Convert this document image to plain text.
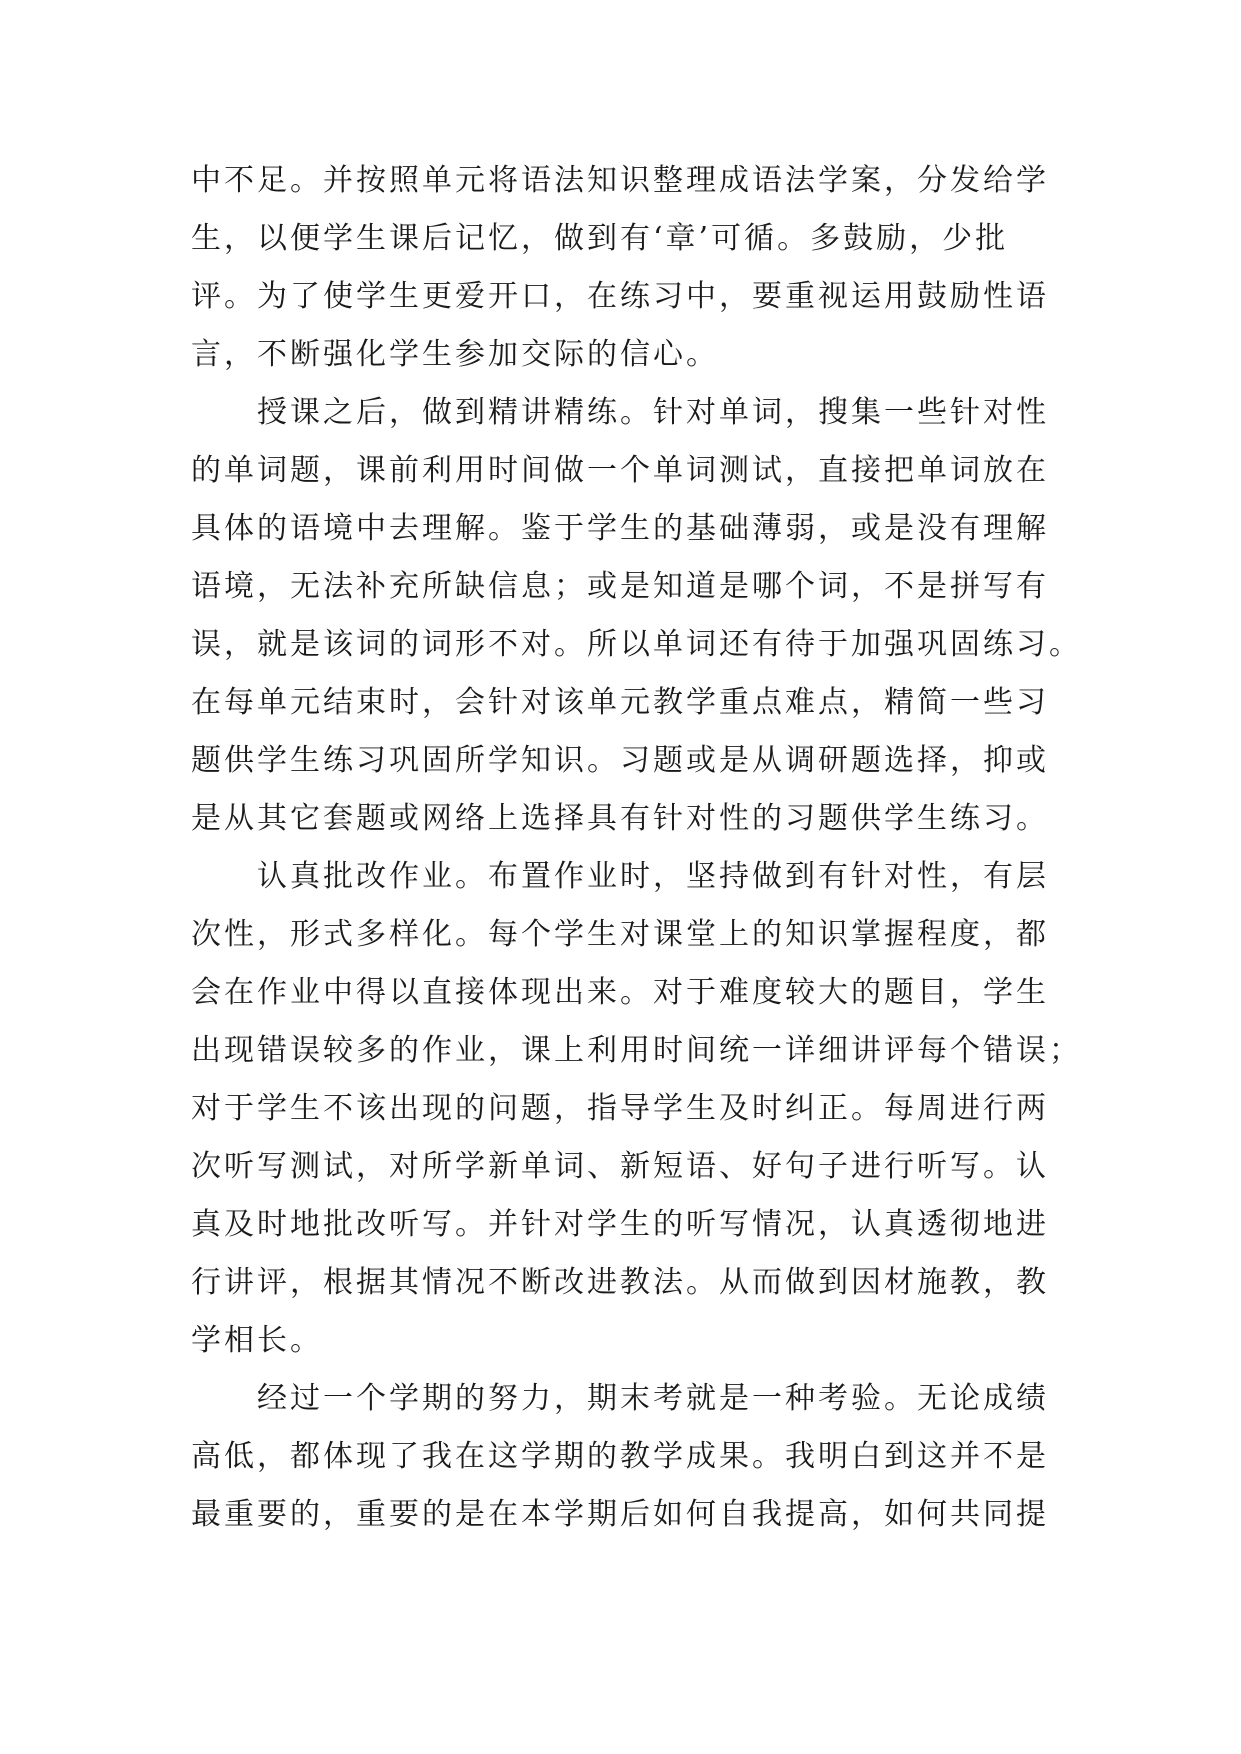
中不足。并按照单元将语法知识整理成语法学案，分发给学
生，以便学生课后记忆，做到有‘章’可循。多鼓励，少批
评。为了使学生更爱开口，在练习中，要重视运用鼓励性语
言，不断强化学生参加交际的信心。
授课之后，做到精讲精练。针对单词，搜集一些针对性
的单词题，课前利用时间做一个单词测试，直接把单词放在
具体的语境中去理解。鉴于学生的基础薄弱，或是没有理解
语境，无法补充所缺信息；或是知道是哪个词，不是拼写有
误，就是该词的词形不对。所以单词还有待于加强巩固练习。
在每单元结束时，会针对该单元教学重点难点，精简一些习
题供学生练习巩固所学知识。习题或是从调研题选择，抑或
是从其它套题或网络上选择具有针对性的习题供学生练习。
认真批改作业。布置作业时，坚持做到有针对性，有层
次性，形式多样化。每个学生对课堂上的知识掌握程度，都
会在作业中得以直接体现出来。对于难度较大的题目，学生
出现错误较多的作业，课上利用时间统一详细讲评每个错误；
对于学生不该出现的问题，指导学生及时纠正。每周进行两
次听写测试，对所学新单词、新短语、好句子进行听写。认
真及时地批改听写。并针对学生的听写情况，认真透彻地进
行讲评，根据其情况不断改进教法。从而做到因材施教，教
学相长。
经过一个学期的努力，期末考就是一种考验。无论成绩
高低，都体现了我在这学期的教学成果。我明白到这并不是
最重要的，重要的是在本学期后如何自我提高，如何共同提
